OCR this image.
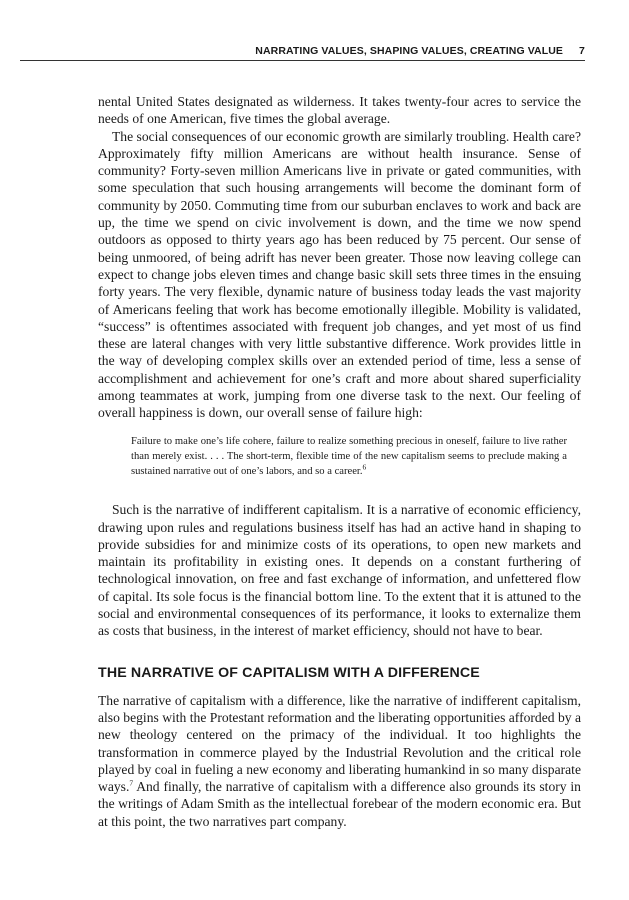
NARRATING VALUES, SHAPING VALUES, CREATING VALUE 7

nental United States designated as wilderness. It takes twenty-four acres to service the needs of one American, five times the global average.

The social consequences of our economic growth are similarly troubling. Health care? Approximately fifty million Americans are without health insurance. Sense of community? Forty-seven million Americans live in private or gated communities, with some speculation that such housing arrangements will become the dominant form of community by 2050. Commuting time from our suburban enclaves to work and back are up, the time we spend on civic involvement is down, and the time we now spend outdoors as opposed to thirty years ago has been reduced by 75 percent. Our sense of being unmoored, of being adrift has never been greater. Those now leaving college can expect to change jobs eleven times and change basic skill sets three times in the ensuing forty years. The very flexible, dynamic nature of business today leads the vast majority of Americans feeling that work has become emotionally illegible. Mobility is validated, “success” is oftentimes associated with frequent job changes, and yet most of us find these are lateral changes with very little substantive difference. Work provides little in the way of developing complex skills over an extended period of time, less a sense of accomplishment and achievement for one’s craft and more about shared superficiality among teammates at work, jumping from one diverse task to the next. Our feeling of overall happiness is down, our overall sense of failure high:

Failure to make one’s life cohere, failure to realize something precious in oneself, failure to live rather than merely exist. . . . The short-term, flexible time of the new capitalism seems to preclude making a sustained narrative out of one’s labors, and so a career.$^6$

Such is the narrative of indifferent capitalism. It is a narrative of economic efficiency, drawing upon rules and regulations business itself has had an active hand in shaping to provide subsidies for and minimize costs of its operations, to open new markets and maintain its profitability in existing ones. It depends on a constant furthering of technological innovation, on free and fast exchange of information, and unfettered flow of capital. Its sole focus is the financial bottom line. To the extent that it is attuned to the social and environmental consequences of its performance, it looks to externalize them as costs that business, in the interest of market efficiency, should not have to bear.

THE NARRATIVE OF CAPITALISM WITH A DIFFERENCE

The narrative of capitalism with a difference, like the narrative of indifferent capitalism, also begins with the Protestant reformation and the liberating opportunities afforded by a new theology centered on the primacy of the individual. It too highlights the transformation in commerce played by the Industrial Revolution and the critical role played by coal in fueling a new economy and liberating humankind in so many disparate ways.$^7$ And finally, the narrative of capitalism with a difference also grounds its story in the writings of Adam Smith as the intellectual forebear of the modern economic era. But at this point, the two narratives part company.
